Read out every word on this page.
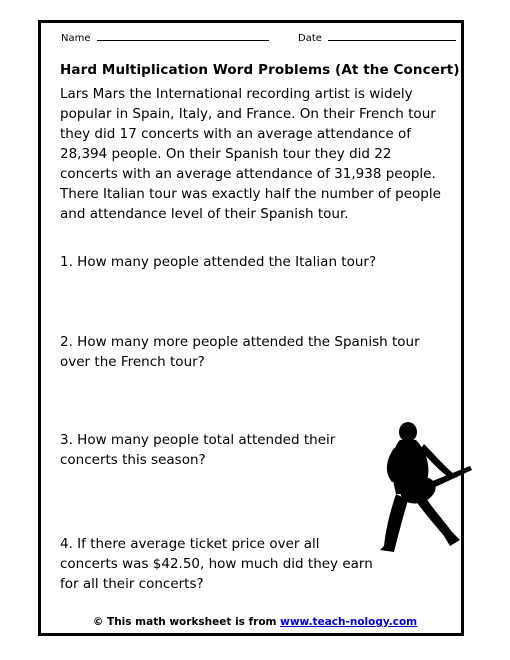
Name	Date
Hard Multiplication Word Problems (At the Concert)

Lars Mars the International recording artist is widely
popular in Spain, Italy, and France. On their French tour
they did 17 concerts with an average attendance of
28,394 people. On their Spanish tour they did 22
concerts with an average attendance of 31,938 people.
There Italian tour was exactly half the number of people
and attendance level of their Spanish tour.

1. How many people attended the Italian tour?

2. How many more people attended the Spanish tour
over the French tour?

3. How many people total attended their
concerts this season?

4. If there average ticket price over all
concerts was $42.50, how much did they earn
for all their concerts?

© This math worksheet is from www.teach-nology.com
